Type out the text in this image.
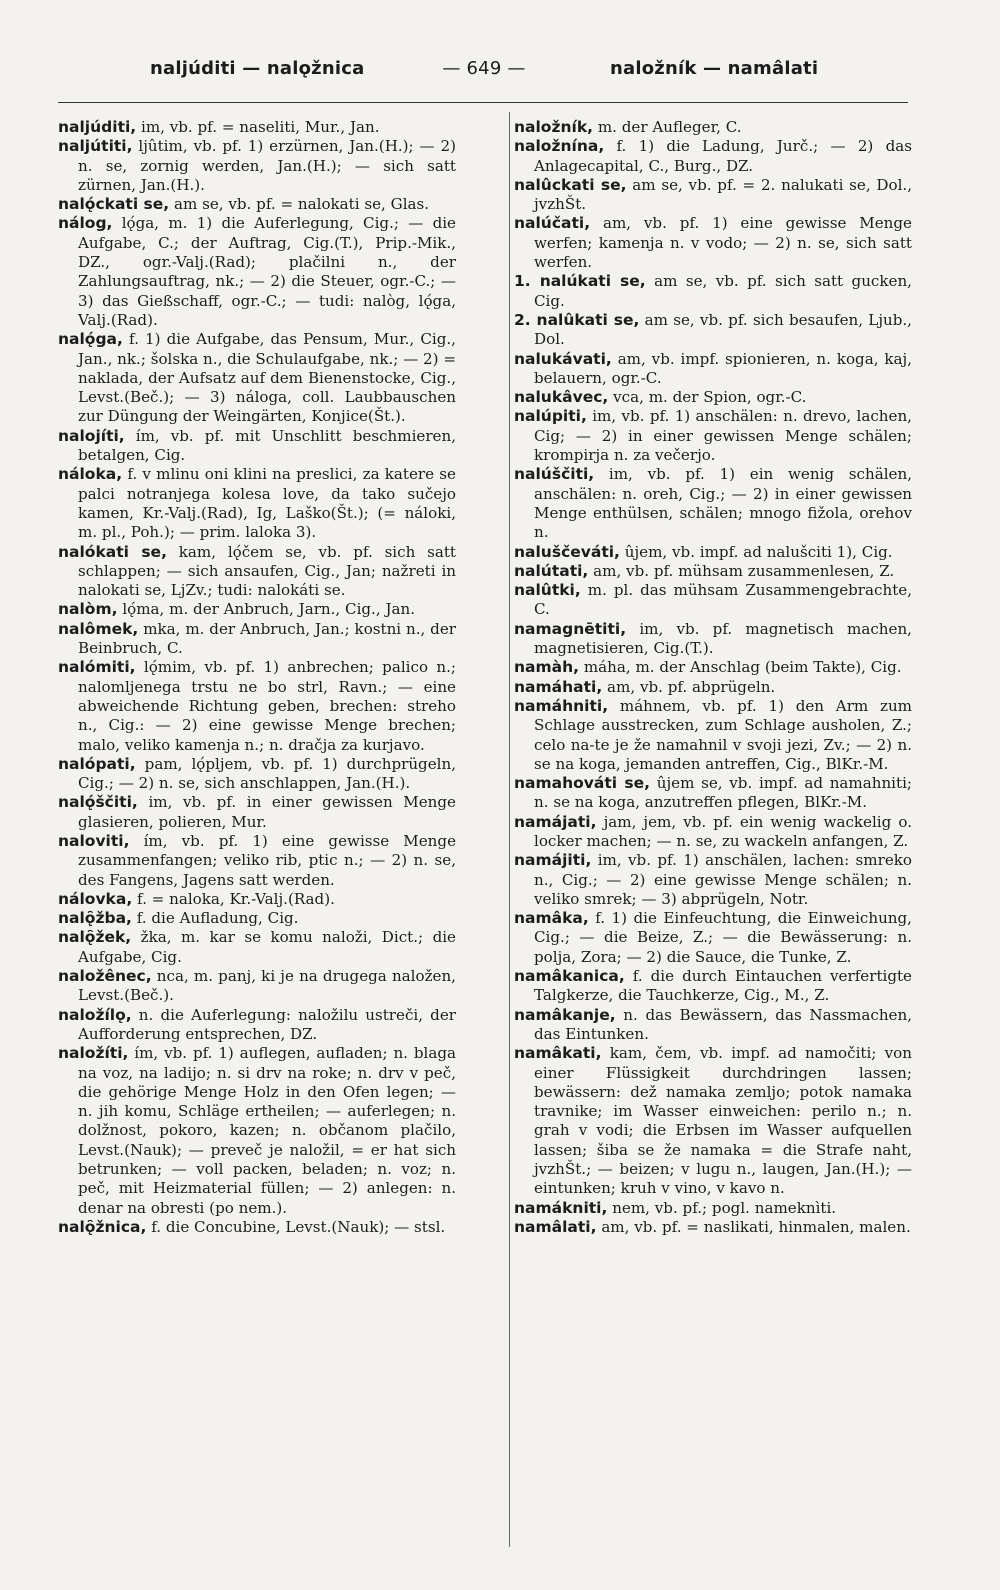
naljúditi — nalǫžnica	— 649 —	naložník — namâlati
naljúditi, im, vb. pf. = naseliti, Mur., Jan.
naljútiti, ljûtim, vb. pf. 1) erzürnen, Jan.(H.); — 2) n. se, zornig werden, Jan.(H.); — sich satt zürnen, Jan.(H.).
nalǫ́ckati se, am se, vb. pf. = nalokati se, Glas.
nálog, lǫ́ga, m. 1) die Auferlegung, Cig.; — die Aufgabe, C.; der Auftrag, Cig.(T.), Prip.-Mik., DZ., ogr.-Valj.(Rad); plačilni n., der Zahlungsauftrag, nk.; — 2) die Steuer, ogr.-C.; — 3) das Gießschaff, ogr.-C.; — tudi: nalòg, lǫ́ga, Valj.(Rad).
nalǫ́ga, f. 1) die Aufgabe, das Pensum, Mur., Cig., Jan., nk.; šolska n., die Schulaufgabe, nk.; — 2) = naklada, der Aufsatz auf dem Bienenstocke, Cig., Levst.(Beč.); — 3) náloga, coll. Laubbauschen zur Düngung der Weingärten, Konjice(Št.).
nalojíti, ím, vb. pf. mit Unschlitt beschmieren, betalgen, Cig.
náloka, f. v mlinu oni klini na preslici, za katere se palci notranjega kolesa love, da tako sučejo kamen, Kr.-Valj.(Rad), Ig, Laško(Št.); (= náloki, m. pl., Poh.); — prim. laloka 3).
nalókati se, kam, lǫ́čem se, vb. pf. sich satt schlappen; — sich ansaufen, Cig., Jan; nažreti in nalokati se, LjZv.; tudi: nalokáti se.
nalòm, lǫ́ma, m. der Anbruch, Jarn., Cig., Jan.
nalômek, mka, m. der Anbruch, Jan.; kostni n., der Beinbruch, C.
nalómiti, lǫ́mim, vb. pf. 1) anbrechen; palico n.; nalomljenega trstu ne bo strl, Ravn.; — eine abweichende Richtung geben, brechen: streho n., Cig.: — 2) eine gewisse Menge brechen; malo, veliko kamenja n.; n. dračja za kurjavo.
nalópati, pam, lǫ́pljem, vb. pf. 1) durchprügeln, Cig.; — 2) n. se, sich anschlappen, Jan.(H.).
nalǫ́ščiti, im, vb. pf. in einer gewissen Menge glasieren, polieren, Mur.
naloviti, ím, vb. pf. 1) eine gewisse Menge zusammenfangen; veliko rib, ptic n.; — 2) n. se, des Fangens, Jagens satt werden.
nálovka, f. = naloka, Kr.-Valj.(Rad).
nalǫ̑žba, f. die Aufladung, Cig.
nalǫ̑žek, žka, m. kar se komu naloži, Dict.; die Aufgabe, Cig.
naložênec, nca, m. panj, ki je na drugega naložen, Levst.(Beč.).
naložílǫ, n. die Auferlegung: naložilu ustreči, der Aufforderung entsprechen, DZ.
naložíti, ím, vb. pf. 1) auflegen, aufladen; n. blaga na voz, na ladijo; n. si drv na roke; n. drv v peč, die gehörige Menge Holz in den Ofen legen; — n. jih komu, Schläge ertheilen; — auferlegen; n. dolžnost, pokoro, kazen; n. občanom plačilo, Levst.(Nauk); — preveč je naložil, = er hat sich betrunken; — voll packen, beladen; n. voz; n. peč, mit Heizmaterial füllen; — 2) anlegen: n. denar na obresti (po nem.).
nalǫ̑žnica, f. die Concubine, Levst.(Nauk); — stsl.
naložník, m. der Aufleger, C.
naložnína, f. 1) die Ladung, Jurč.; — 2) das Anlagecapital, C., Burg., DZ.
nalûckati se, am se, vb. pf. = 2. nalukati se, Dol., jvzhŠt.
nalúčati, am, vb. pf. 1) eine gewisse Menge werfen; kamenja n. v vodo; — 2) n. se, sich satt werfen.
1. nalúkati se, am se, vb. pf. sich satt gucken, Cig.
2. nalûkati se, am se, vb. pf. sich besaufen, Ljub., Dol.
nalukávati, am, vb. impf. spionieren, n. koga, kaj, belauern, ogr.-C.
nalukâvec, vca, m. der Spion, ogr.-C.
nalúpiti, im, vb. pf. 1) anschälen: n. drevo, lachen, Cig; — 2) in einer gewissen Menge schälen; krompirja n. za večerjo.
nalúščiti, im, vb. pf. 1) ein wenig schälen, anschälen: n. oreh, Cig.; — 2) in einer gewissen Menge enthülsen, schälen; mnogo fižola, orehov n.
naluščeváti, ûjem, vb. impf. ad nalušciti 1), Cig.
nalútati, am, vb. pf. mühsam zusammenlesen, Z.
nalûtki, m. pl. das mühsam Zusammengebrachte, C.
namagnētiti, im, vb. pf. magnetisch machen, magnetisieren, Cig.(T.).
namàh, máha, m. der Anschlag (beim Takte), Cig.
namáhati, am, vb. pf. abprügeln.
namáhniti, máhnem, vb. pf. 1) den Arm zum Schlage ausstrecken, zum Schlage ausholen, Z.; celo na-te je že namahnil v svoji jezi, Zv.; — 2) n. se na koga, jemanden antreffen, Cig., BlKr.-M.
namahováti se, ûjem se, vb. impf. ad namahniti; n. se na koga, anzutreffen pflegen, BlKr.-M.
namájati, jam, jem, vb. pf. ein wenig wackelig o. locker machen; — n. se, zu wackeln anfangen, Z.
namájiti, im, vb. pf. 1) anschälen, lachen: smreko n., Cig.; — 2) eine gewisse Menge schälen; n. veliko smrek; — 3) abprügeln, Notr.
namâka, f. 1) die Einfeuchtung, die Einweichung, Cig.; — die Beize, Z.; — die Bewässerung: n. polja, Zora; — 2) die Sauce, die Tunke, Z.
namâkanica, f. die durch Eintauchen verfertigte Talgkerze, die Tauchkerze, Cig., M., Z.
namâkanje, n. das Bewässern, das Nassmachen, das Eintunken.
namâkati, kam, čem, vb. impf. ad namočiti; von einer Flüssigkeit durchdringen lassen; bewässern: dež namaka zemljo; potok namaka travnike; im Wasser einweichen: perilo n.; n. grah v vodi; die Erbsen im Wasser aufquellen lassen; šiba se že namaka = die Strafe naht, jvzhŠt.; — beizen; v lugu n., laugen, Jan.(H.); — eintunken; kruh v vino, v kavo n.
namákniti, nem, vb. pf.; pogl. nameknìti.
namâlati, am, vb. pf. = naslikati, hinmalen, malen.
